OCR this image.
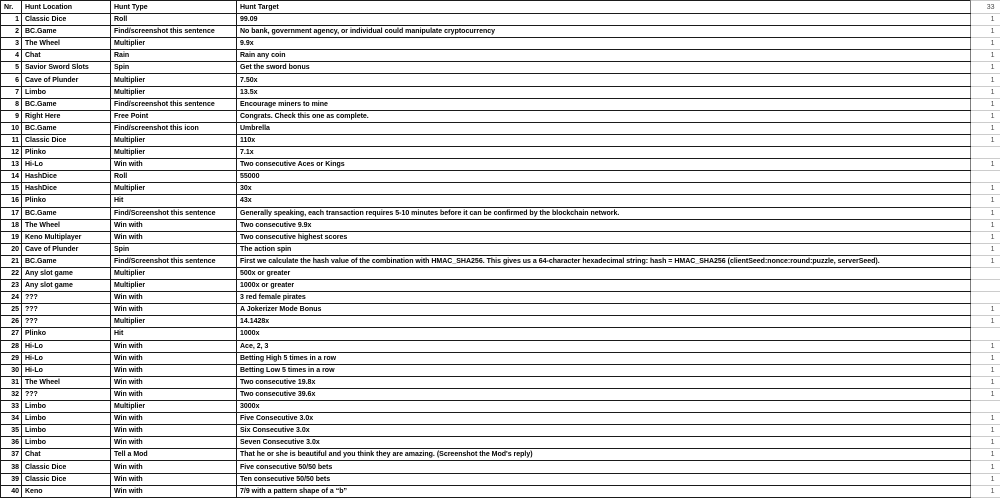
Nr.	Hunt Location	Hunt Type	Hunt Target	33
1	Classic Dice	Roll	99.09	1
2	BC.Game	Find/screenshot this sentence	No bank, government agency, or individual could manipulate cryptocurrency	1
3	The Wheel	Multiplier	9.9x	1
4	Chat	Rain	Rain any coin	1
5	Savior Sword Slots	Spin	Get the sword bonus	1
6	Cave of Plunder	Multiplier	7.50x	1
7	Limbo	Multiplier	13.5x	1
8	BC.Game	Find/screenshot this sentence	Encourage miners to mine	1
9	Right Here	Free Point	Congrats. Check this one as complete.	1
10	BC.Game	Find/screenshot this icon	Umbrella	1
11	Classic Dice	Multiplier	110x	1
12	Plinko	Multiplier	7.1x	
13	Hi-Lo	Win with	Two consecutive Aces or Kings	1
14	HashDice	Roll	55000	
15	HashDice	Multiplier	30x	1
16	Plinko	Hit	43x	1
17	BC.Game	Find/Screenshot this sentence	Generally speaking, each transaction requires 5-10 minutes before it can be confirmed by the blockchain network.	1
18	The Wheel	Win with	Two consecutive 9.9x	1
19	Keno Multiplayer	Win with	Two consecutive highest scores	1
20	Cave of Plunder	Spin	The action spin	1
21	BC.Game	Find/Screenshot this sentence	First we calculate the hash value of the combination with HMAC_SHA256. This gives us a 64-character hexadecimal string: hash = HMAC_SHA256 (clientSeed:nonce:round:puzzle, serverSeed).	1
22	Any slot game	Multiplier	500x or greater	
23	Any slot game	Multiplier	1000x or greater	
24	???	Win with	3 red female pirates	
25	???	Win with	A Jokerizer Mode Bonus	1
26	???	Multiplier	14.1428x	1
27	Plinko	Hit	1000x	
28	Hi-Lo	Win with	Ace, 2, 3	1
29	Hi-Lo	Win with	Betting High 5 times in a row	1
30	Hi-Lo	Win with	Betting Low 5 times in a row	1
31	The Wheel	Win with	Two consecutive 19.8x	1
32	???	Win with	Two consecutive 39.6x	1
33	Limbo	Multiplier	3000x	
34	Limbo	Win with	Five Consecutive 3.0x	1
35	Limbo	Win with	Six Consecutive 3.0x	1
36	Limbo	Win with	Seven Consecutive 3.0x	1
37	Chat	Tell a Mod	That he or she is beautiful and you think they are amazing. (Screenshot the Mod's reply)	1
38	Classic Dice	Win with	Five consecutive 50/50 bets	1
39	Classic Dice	Win with	Ten consecutive 50/50 bets	1
40	Keno	Win with	7/9 with a pattern shape of a “b”	1
